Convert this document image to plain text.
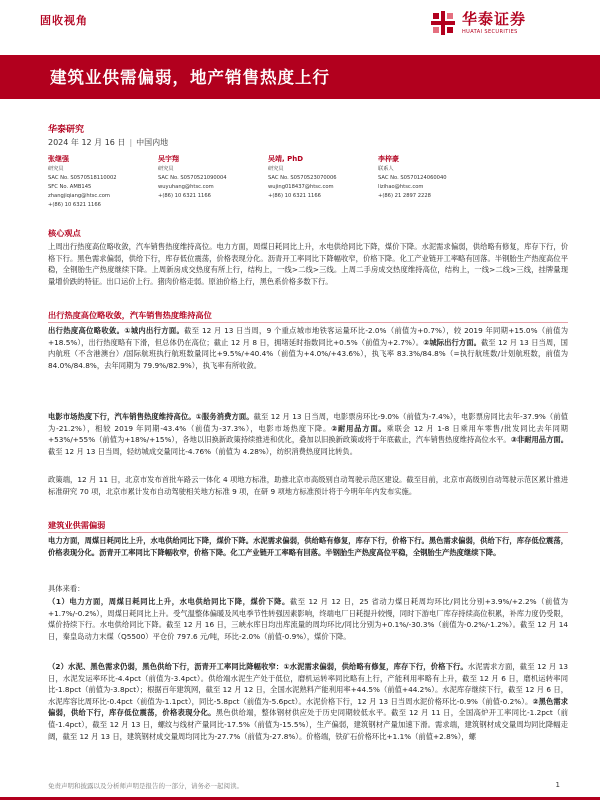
固收视角	华泰证券
HUATAI SECURITIES
建筑业供需偏弱，地产销售热度上行
华泰研究
2024 年 12 月 16 日 | 中国内地
张继强
研究员
SAC No. S0570518110002
SFC No. AMB145
zhangjiqiang@htsc.com
+(86) 10 6321 1166
吴宇翔
研究员
SAC No. S0570521090004
wuyuhang@htsc.com
+(86) 10 6321 1166
吴靖, PhD
研究员
SAC No. S0570523070006
wujing018437@htsc.com
+(86) 10 6321 1166
李梓豪
联系人
SAC No. S0570124060040
lizihao@htsc.com
+(86) 21 2897 2228
核心观点
上周出行热度高位略收敛，汽车销售热度维持高位。电力方面，周煤日耗同比上升，水电供给同比下降，煤价下降。水泥需求偏弱，供给略有修复，库存下行，价格下行。黑色需求偏弱，供给下行，库存低位震荡，价格表现分化。沥青开工率同比下降幅收窄，价格下降。化工产业链开工率略有回落。半钢胎生产热度高位平稳，全钢胎生产热度继续下降。上周新房成交热度有所上行，结构上，一线>二线>三线。上周二手房成交热度维持高位，结构上，一线>二线>三线，挂牌量现量增价跌的特征。出口运价上行。猪肉价格走弱。原油价格上行，黑色系价格多数下行。
出行热度高位略收敛，汽车销售热度维持高位
出行热度高位略收敛。①城内出行方面。截至 12 月 13 日当周，9 个重点城市地铁客运量环比-2.0%（前值为+0.7%），较 2019 年同期+15.0%（前值为+18.5%），出行热度略有下滑，但总体仍在高位；截止 12 月 8 日，拥堵延时指数同比+0.5%（前值为+2.7%）。②城际出行方面。截至 12 月 13 日当周，国内航班（不含港澳台）/国际航班执行航班数量同比+9.5%/+40.4%（前值为+4.0%/+43.6%），执飞率 83.3%/84.8%（=执行航班数/计划航班数，前值为 84.0%/84.8%，去年同期为 79.9%/82.9%），执飞率有所收敛。
电影市场热度下行，汽车销售热度维持高位。①服务消费方面。截至 12 月 13 日当周，电影票房环比-9.0%（前值为-7.4%），电影票房同比去年-37.9%（前值为-21.2%），相较 2019 年同期-43.4%（前值为-37.3%），电影市场热度下降。②耐用品方面。乘联会 12 月 1-8 日乘用车零售/批发同比去年同期+53%/+55%（前值为+18%/+15%），各地以旧换新政策持续推进和优化，叠加以旧换新政策或将于年底截止，汽车销售热度维持高位水平。③非耐用品方面。截至 12 月 13 日当周，轻纺城成交量同比-4.76%（前值为 4.28%），纺织消费热度同比转负。
政策端，12 月 11 日，北京市发布首批车路云一体化 4 项地方标准，助推北京市高级别自动驾驶示范区建设。截至目前，北京市高级别自动驾驶示范区累计推进标准研究 70 项，北京市累计发布自动驾驶相关地方标准 9 项，在研 9 项地方标准预计将于今明年年内发布实施。
建筑业供需偏弱
电力方面，周煤日耗同比上升，水电供给同比下降，煤价下降。水泥需求偏弱，供给略有修复，库存下行，价格下行。黑色需求偏弱，供给下行，库存低位震荡，价格表现分化。沥青开工率同比下降幅收窄，价格下降。化工产业链开工率略有回落。半钢胎生产热度高位平稳，全钢胎生产热度继续下降。
具体来看：
（1）电力方面，周煤日耗同比上升，水电供给同比下降，煤价下降。截至 12 月 12 日，25 省动力煤日耗周均环比/同比分别+3.9%/+2.2%（前值为+1.7%/-0.2%），周煤日耗同比上升。受气温整体偏暖及风电季节性转强因素影响，终端电厂日耗提升较慢，同时下游电厂库存持续高位积累，补库力度仍受限，煤价持续下行。水电供给同比下降。截至 12 月 16 日，三峡水库日均出库流量的周均环比/同比分别为+0.1%/-30.3%（前值为-0.2%/-1.2%）。截至 12 月 14 日，秦皇岛动力末煤（Q5500）平仓价 797.6 元/吨，环比-2.0%（前值-0.9%），煤价下降。
（2）水泥、黑色需求仍弱，黑色供给下行，沥青开工率同比降幅收窄：①水泥需求偏弱，供给略有修复，库存下行，价格下行。水泥需求方面，截至 12 月 13 日，水泥发运率环比-4.4pct（前值为-3.4pct）。供给端水泥生产处于低位，磨机运转率同比略有上行，产能利用率略有上升，截至 12 月 6 日，磨机运转率同比-1.8pct（前值为-3.8pct）；根据百年建筑网，截至 12 月 12 日，全国水泥熟料产能利用率+44.5%（前值+44.2%）。水泥库存继续下行，截至 12 月 6 日，水泥库容比周环比-0.4pct（前值为-1.1pct），同比-5.8pct（前值为-5.6pct）。水泥价格下行，12 月 13 日当周水泥价格环比-0.9%（前值-0.2%）。②黑色需求偏弱，供给下行，库存低位震荡，价格表现分化。黑色供给端，整体钢材供应处于历史同期较低水平。截至 12 月 11 日，全国高炉开工率同比-1.2pct（前值-1.4pct），截至 12 月 13 日，螺纹与线材产量同比-17.5%（前值为-15.5%），生产偏弱，建筑钢材产量加速下滑。需求端，建筑钢材成交量周均同比降幅走阔，截至 12 月 13 日，建筑钢材成交量周均同比为-27.7%（前值为-27.8%）。价格端，铁矿石价格环比+1.1%（前值+2.8%），螺
免责声明和披露以及分析师声明是报告的一部分，请务必一起阅读。	1
